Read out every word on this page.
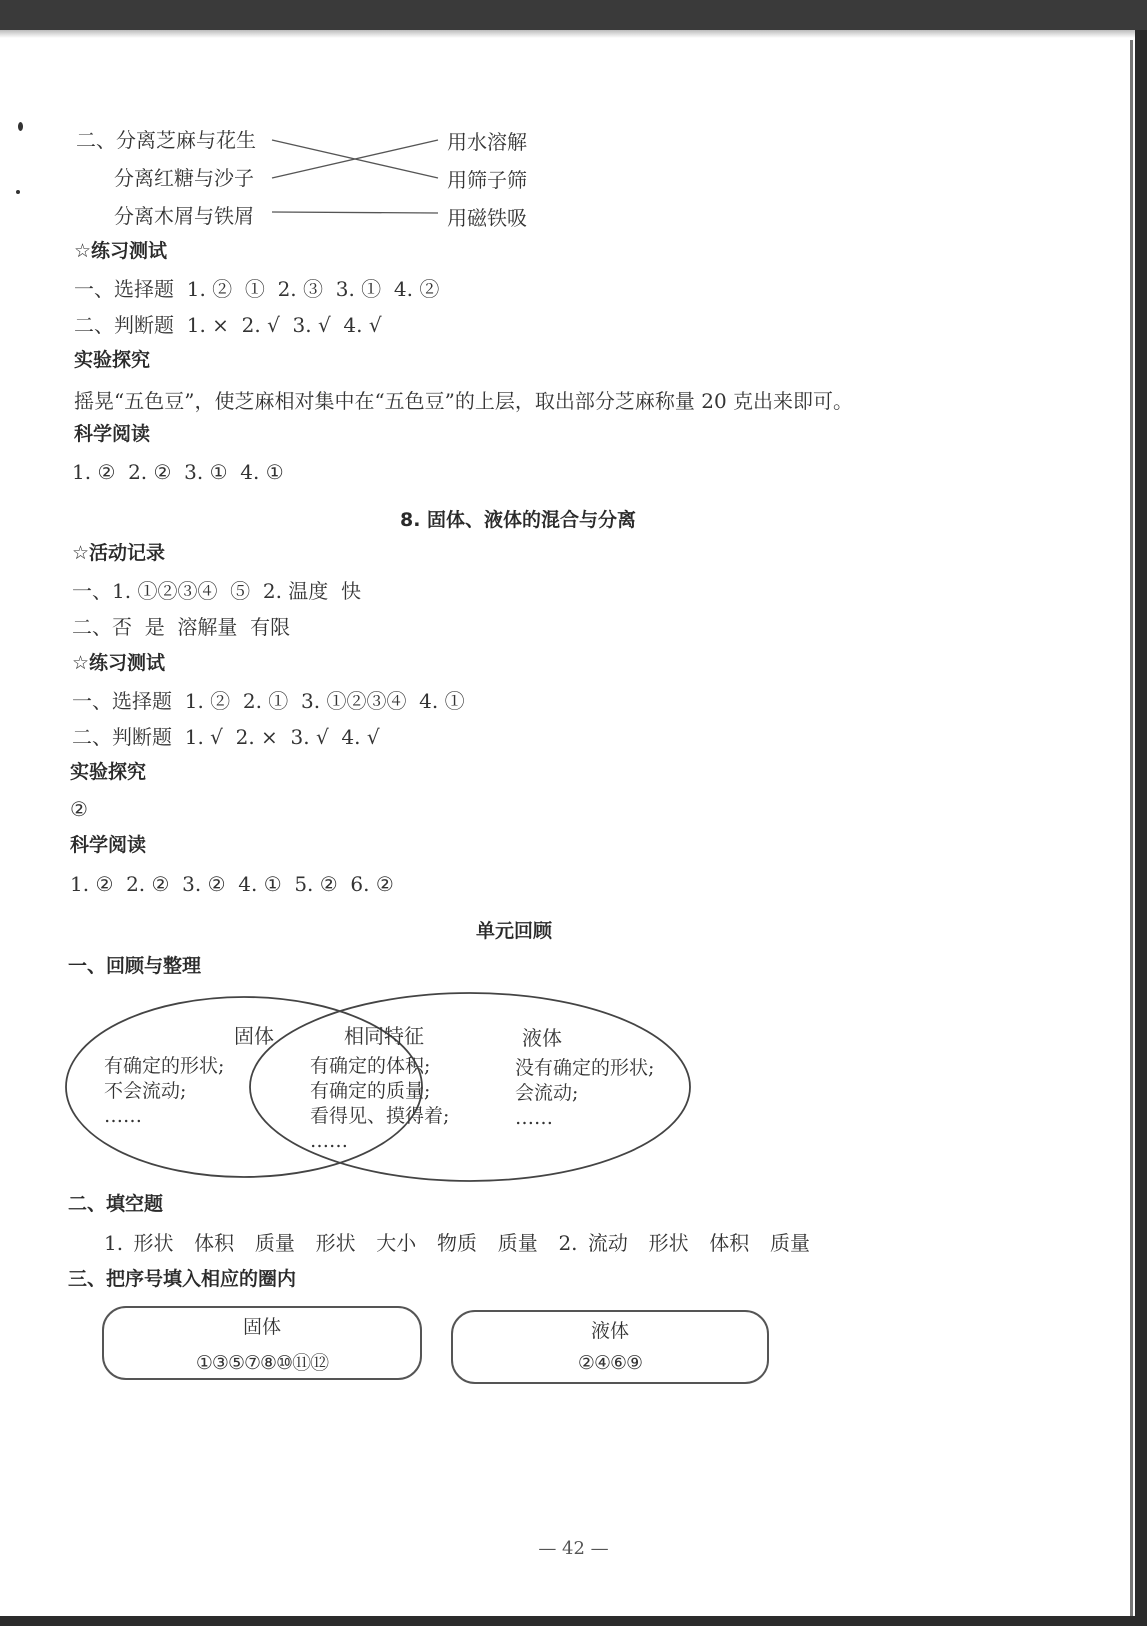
二、分离芝麻与花生
分离红糖与沙子
分离木屑与铁屑
用水溶解
用筛子筛
用磁铁吸
☆练习测试
一、选择题  1. ②  ①  2. ③  3. ①  4. ②
二、判断题  1. ×  2. √  3. √  4. √
实验探究
摇晃“五色豆”，使芝麻相对集中在“五色豆”的上层，取出部分芝麻称量 20 克出来即可。
科学阅读
1. ②  2. ②  3. ①  4. ①
8. 固体、液体的混合与分离
☆活动记录
一、1. ①②③④  ⑤  2. 温度  快
二、否  是  溶解量  有限
☆练习测试
一、选择题  1. ②  2. ①  3. ①②③④  4. ①
二、判断题  1. √  2. ×  3. √  4. √
实验探究
②
科学阅读
1. ②  2. ②  3. ②  4. ①  5. ②  6. ②
单元回顾
一、回顾与整理
固体	相同特征	液体
有确定的形状;
不会流动;
……
有确定的体积;
有确定的质量;
看得见、摸得着;
……
没有确定的形状;
会流动;
……
二、填空题
1. 形状  体积  质量  形状  大小  物质  质量  2. 流动  形状  体积  质量
三、把序号填入相应的圈内
固体
①③⑤⑦⑧⑩⑪⑫
液体
②④⑥⑨
— 42 —
